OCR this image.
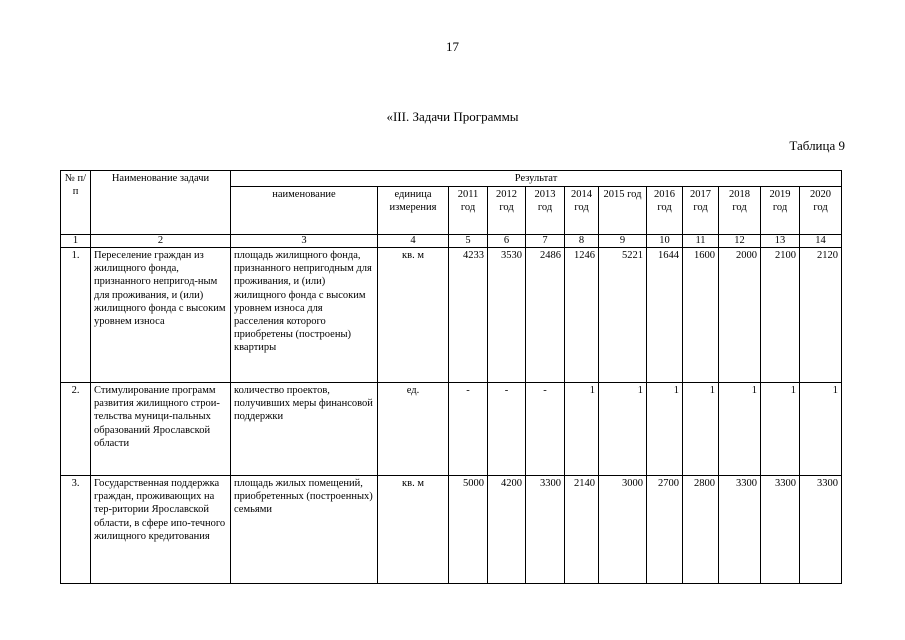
17
«III. Задачи Программы
Таблица 9
№ п/п	Наименование задачи	Результат											
		наименование	единица измерения	2011 год	2012 год	2013 год	2014 год	2015 год	2016 год	2017 год	2018 год	2019 год	2020 год
1	2	3	4	5	6	7	8	9	10	11	12	13	14
1.	Переселение граждан из жилищного фонда, признанного непригод-ным для проживания, и (или) жилищного фонда с высоким уровнем износа	площадь жилищного фонда, признанного непригодным для проживания, и (или) жилищного фонда с высоким уровнем износа для расселения которого приобретены (построены) квартиры	кв. м	4233	3530	2486	1246	5221	1644	1600	2000	2100	2120
2.	Стимулирование программ развития жилищного строи-тельства муници-пальных образований Ярославской области	количество проектов, получивших меры финансовой поддержки	ед.	-	-	-	1	1	1	1	1	1	1
3.	Государственная поддержка граждан, проживающих на тер-ритории Ярославской области, в сфере ипо-течного жилищного кредитования	площадь жилых помещений, приобретенных (построенных) семьями	кв. м	5000	4200	3300	2140	3000	2700	2800	3300	3300	3300
